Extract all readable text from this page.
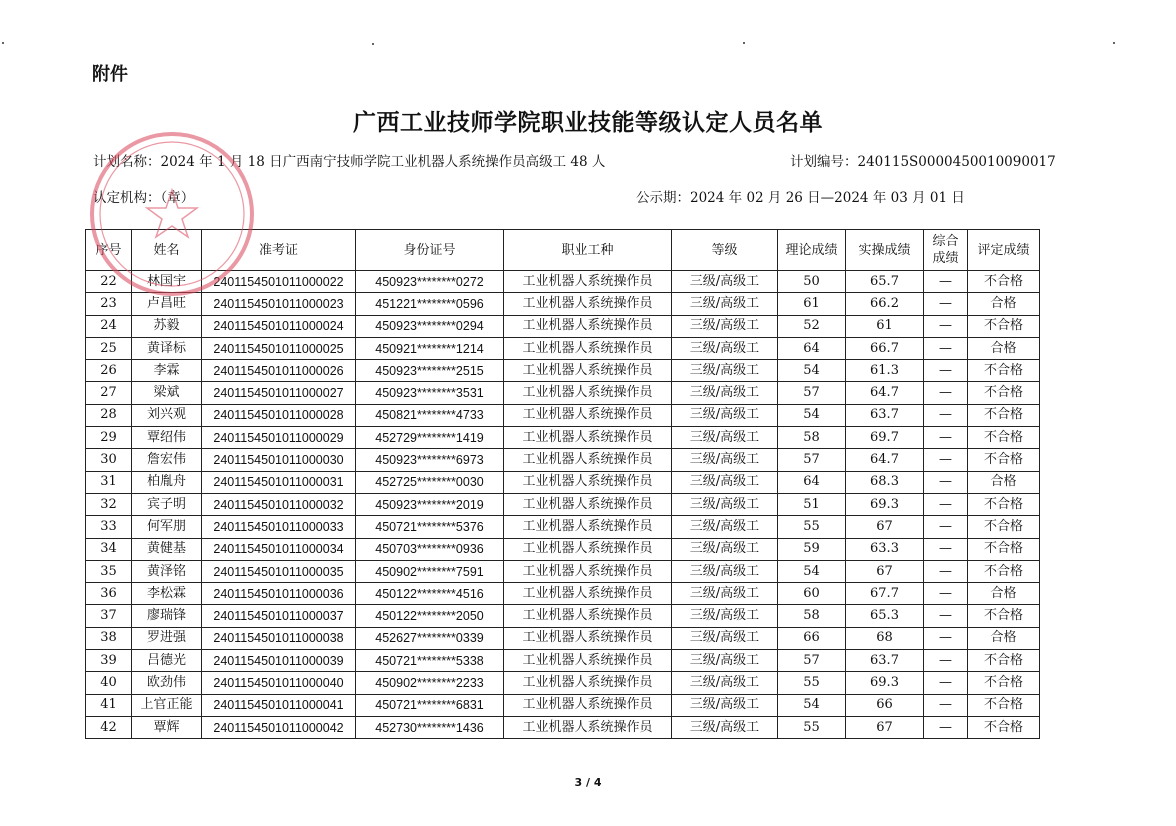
附件
广西工业技师学院职业技能等级认定人员名单
计划名称：2024 年 1 月 18 日广西南宁技师学院工业机器人系统操作员高级工 48 人	计划编号：240115S0000450010090017
认定机构：（章）	公示期：2024 年 02 月 26 日—2024 年 03 月 01 日
序号	姓名	准考证	身份证号	职业工种	等级	理论成绩	实操成绩	综合成绩	评定成绩
22	林国宇	2401154501011000022	450923********0272	工业机器人系统操作员	三级/高级工	50	65.7	—	不合格
23	卢昌旺	2401154501011000023	451221********0596	工业机器人系统操作员	三级/高级工	61	66.2	—	合格
24	苏毅	2401154501011000024	450923********0294	工业机器人系统操作员	三级/高级工	52	61	—	不合格
25	黄译标	2401154501011000025	450921********1214	工业机器人系统操作员	三级/高级工	64	66.7	—	合格
26	李霖	2401154501011000026	450923********2515	工业机器人系统操作员	三级/高级工	54	61.3	—	不合格
27	梁斌	2401154501011000027	450923********3531	工业机器人系统操作员	三级/高级工	57	64.7	—	不合格
28	刘兴观	2401154501011000028	450821********4733	工业机器人系统操作员	三级/高级工	54	63.7	—	不合格
29	覃绍伟	2401154501011000029	452729********1419	工业机器人系统操作员	三级/高级工	58	69.7	—	不合格
30	詹宏伟	2401154501011000030	450923********6973	工业机器人系统操作员	三级/高级工	57	64.7	—	不合格
31	柏胤舟	2401154501011000031	452725********0030	工业机器人系统操作员	三级/高级工	64	68.3	—	合格
32	宾子明	2401154501011000032	450923********2019	工业机器人系统操作员	三级/高级工	51	69.3	—	不合格
33	何军朋	2401154501011000033	450721********5376	工业机器人系统操作员	三级/高级工	55	67	—	不合格
34	黄健基	2401154501011000034	450703********0936	工业机器人系统操作员	三级/高级工	59	63.3	—	不合格
35	黄泽铭	2401154501011000035	450902********7591	工业机器人系统操作员	三级/高级工	54	67	—	不合格
36	李松霖	2401154501011000036	450122********4516	工业机器人系统操作员	三级/高级工	60	67.7	—	合格
37	廖瑞锋	2401154501011000037	450122********2050	工业机器人系统操作员	三级/高级工	58	65.3	—	不合格
38	罗进强	2401154501011000038	452627********0339	工业机器人系统操作员	三级/高级工	66	68	—	合格
39	吕德光	2401154501011000039	450721********5338	工业机器人系统操作员	三级/高级工	57	63.7	—	不合格
40	欧劲伟	2401154501011000040	450902********2233	工业机器人系统操作员	三级/高级工	55	69.3	—	不合格
41	上官正能	2401154501011000041	450721********6831	工业机器人系统操作员	三级/高级工	54	66	—	不合格
42	覃辉	2401154501011000042	452730********1436	工业机器人系统操作员	三级/高级工	55	67	—	不合格
3 / 4
